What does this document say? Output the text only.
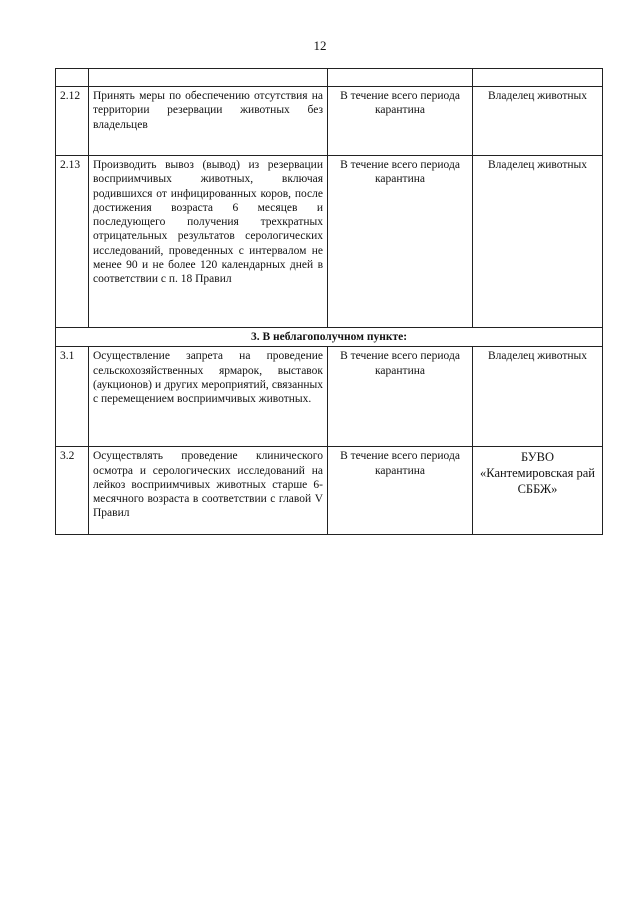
12

2.12	Принять меры по обеспечению отсутствия на территории резервации животных без владельцев	В течение всего периода карантина	Владелец животных
2.13	Производить вывоз (вывод) из резервации восприимчивых животных, включая родившихся от инфицированных коров, после достижения возраста 6 месяцев и последующего получения трехкратных отрицательных результатов серологических исследований, проведенных с интервалом не менее 90 и не более 120 календарных дней в соответствии с п. 18 Правил	В течение всего периода карантина	Владелец животных
3. В неблагополучном пункте:			
3.1	Осуществление запрета на проведение сельскохозяйственных ярмарок, выставок (аукционов) и других мероприятий, связанных с перемещением восприимчивых животных.	В течение всего периода карантина	Владелец животных
3.2	Осуществлять проведение клинического осмотра и серологических исследований на лейкоз восприимчивых животных старше 6-месячного возраста в соответствии с главой V Правил	В течение всего периода карантина	БУВО «Кантемировская рай СББЖ»
